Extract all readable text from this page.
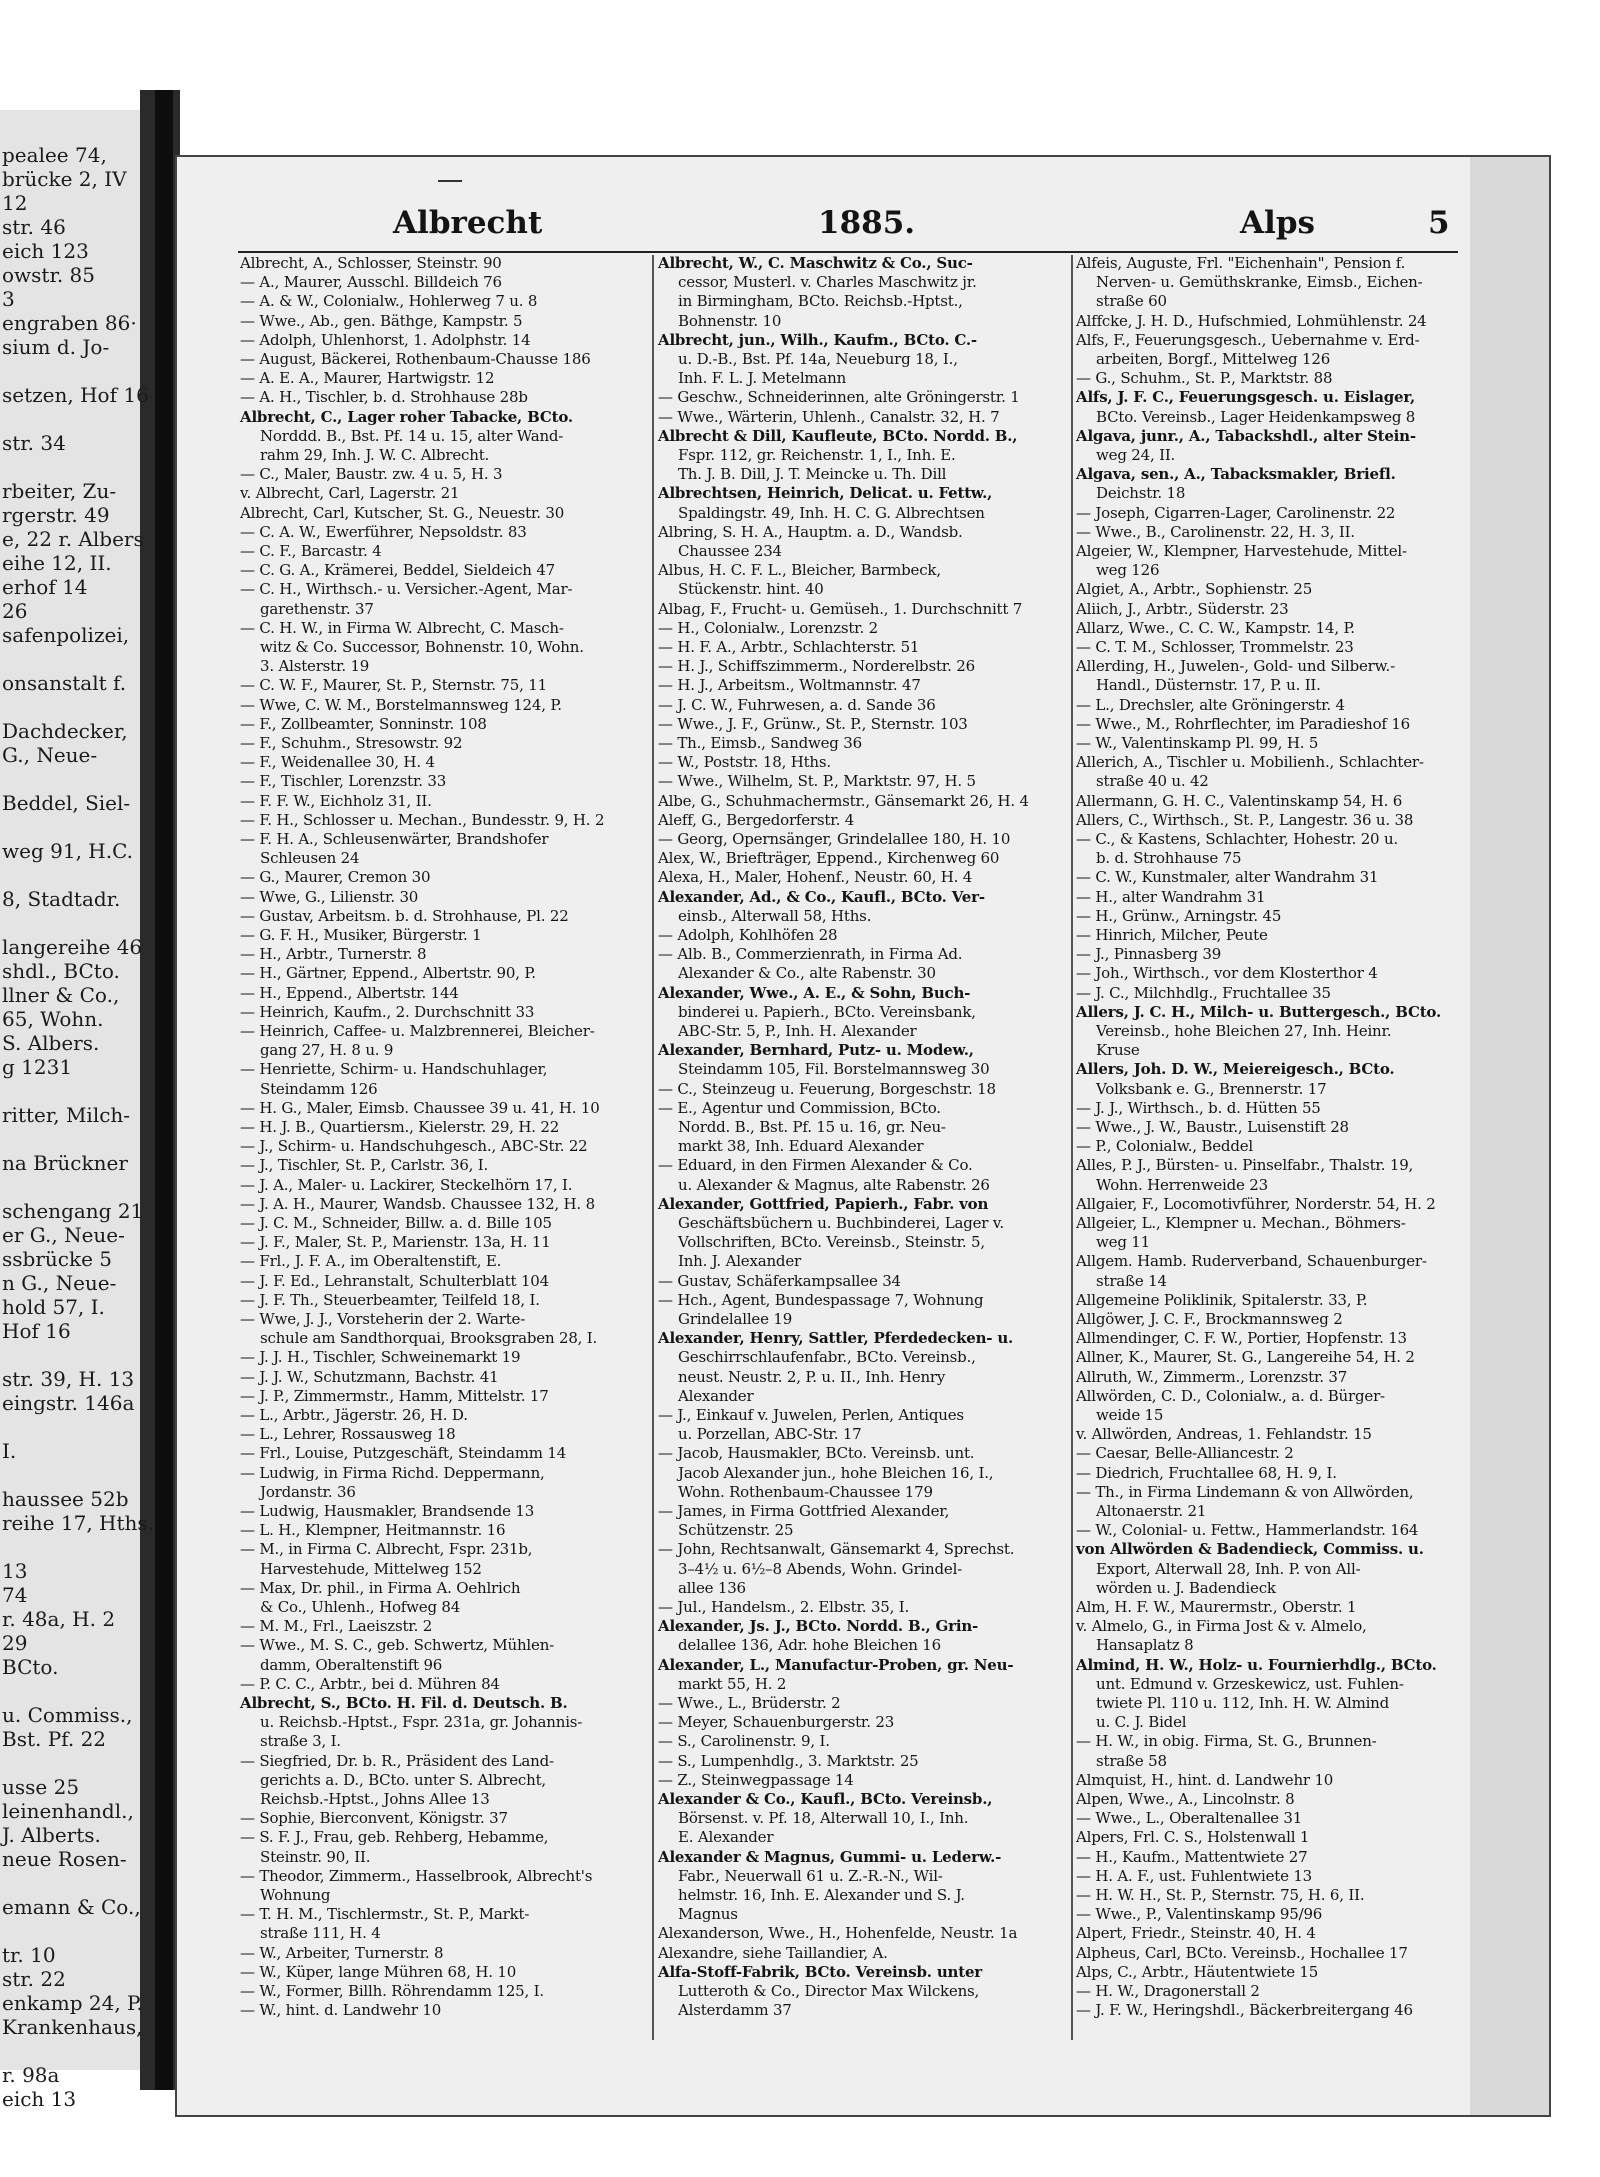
pealee 74,
brücke 2, IV
12
str. 46
eich 123
owstr. 85
3
engraben 86·
sium d. Jo-
setzen, Hof 16
str. 34
rbeiter, Zu-
rgerstr. 49
e, 22 r. Albers
eihe 12, II.
erhof 14
26
safenpolizei,
onsanstalt f.
Dachdecker,
G., Neue-
Beddel, Siel-
weg 91, H.C.
8, Stadtadr.
langereihe 46
shdl., BCto.
llner & Co.,
65, Wohn.
S. Albers.
g 1231
ritter, Milch-
na Brückner
schengang 21
er G., Neue-
ssbrücke 5
n G., Neue-
hold 57, I.
Hof 16
str. 39, H. 13
eingstr. 146a
I.
haussee 52b
reihe 17, Hths.
13
74
r. 48a, H. 2
29
BCto.
u. Commiss.,
Bst. Pf. 22
usse 25
leinenhandl.,
J. Alberts.
neue Rosen-
emann & Co.,
tr. 10
str. 22
enkamp 24, P.
Krankenhaus,
r. 98a
eich 13
Albrecht	1885.	Alps	5
Albrecht, A., Schlosser, Steinstr. 90
— A., Maurer, Ausschl. Billdeich 76
— A. & W., Colonialw., Hohlerweg 7 u. 8
— Wwe., Ab., gen. Bäthge, Kampstr. 5
— Adolph, Uhlenhorst, 1. Adolphstr. 14
— August, Bäckerei, Rothenbaum-Chausse 186
— A. E. A., Maurer, Hartwigstr. 12
— A. H., Tischler, b. d. Strohhause 28b
Albrecht, C., Lager roher Tabacke, BCto.
Norddd. B., Bst. Pf. 14 u. 15, alter Wand-
rahm 29, Inh. J. W. C. Albrecht.
— C., Maler, Baustr. zw. 4 u. 5, H. 3
v. Albrecht, Carl, Lagerstr. 21
Albrecht, Carl, Kutscher, St. G., Neuestr. 30
— C. A. W., Ewerführer, Nepsoldstr. 83
— C. F., Barcastr. 4
— C. G. A., Krämerei, Beddel, Sieldeich 47
— C. H., Wirthsch.- u. Versicher.-Agent, Mar-
garethenstr. 37
— C. H. W., in Firma W. Albrecht, C. Masch-
witz & Co. Successor, Bohnenstr. 10, Wohn.
3. Alsterstr. 19
— C. W. F., Maurer, St. P., Sternstr. 75, 11
— Wwe, C. W. M., Borstelmannsweg 124, P.
— F., Zollbeamter, Sonninstr. 108
— F., Schuhm., Stresowstr. 92
— F., Weidenallee 30, H. 4
— F., Tischler, Lorenzstr. 33
— F. F. W., Eichholz 31, II.
— F. H., Schlosser u. Mechan., Bundesstr. 9, H. 2
— F. H. A., Schleusenwärter, Brandshofer
Schleusen 24
— G., Maurer, Cremon 30
— Wwe, G., Lilienstr. 30
— Gustav, Arbeitsm. b. d. Strohhause, Pl. 22
— G. F. H., Musiker, Bürgerstr. 1
— H., Arbtr., Turnerstr. 8
— H., Gärtner, Eppend., Albertstr. 90, P.
— H., Eppend., Albertstr. 144
— Heinrich, Kaufm., 2. Durchschnitt 33
— Heinrich, Caffee- u. Malzbrennerei, Bleicher-
gang 27, H. 8 u. 9
— Henriette, Schirm- u. Handschuhlager,
Steindamm 126
— H. G., Maler, Eimsb. Chaussee 39 u. 41, H. 10
— H. J. B., Quartiersm., Kielerstr. 29, H. 22
— J., Schirm- u. Handschuhgesch., ABC-Str. 22
— J., Tischler, St. P., Carlstr. 36, I.
— J. A., Maler- u. Lackirer, Steckelhörn 17, I.
— J. A. H., Maurer, Wandsb. Chaussee 132, H. 8
— J. C. M., Schneider, Billw. a. d. Bille 105
— J. F., Maler, St. P., Marienstr. 13a, H. 11
— Frl., J. F. A., im Oberaltenstift, E.
— J. F. Ed., Lehranstalt, Schulterblatt 104
— J. F. Th., Steuerbeamter, Teilfeld 18, I.
— Wwe, J. J., Vorsteherin der 2. Warte-
schule am Sandthorquai, Brooksgraben 28, I.
— J. J. H., Tischler, Schweinemarkt 19
— J. J. W., Schutzmann, Bachstr. 41
— J. P., Zimmermstr., Hamm, Mittelstr. 17
— L., Arbtr., Jägerstr. 26, H. D.
— L., Lehrer, Rossausweg 18
— Frl., Louise, Putzgeschäft, Steindamm 14
— Ludwig, in Firma Richd. Deppermann,
Jordanstr. 36
— Ludwig, Hausmakler, Brandsende 13
— L. H., Klempner, Heitmannstr. 16
— M., in Firma C. Albrecht, Fspr. 231b,
Harvestehude, Mittelweg 152
— Max, Dr. phil., in Firma A. Oehlrich
& Co., Uhlenh., Hofweg 84
— M. M., Frl., Laeiszstr. 2
— Wwe., M. S. C., geb. Schwertz, Mühlen-
damm, Oberaltenstift 96
— P. C. C., Arbtr., bei d. Mühren 84
Albrecht, S., BCto. H. Fil. d. Deutsch. B.
u. Reichsb.-Hptst., Fspr. 231a, gr. Johannis-
straße 3, I.
— Siegfried, Dr. b. R., Präsident des Land-
gerichts a. D., BCto. unter S. Albrecht,
Reichsb.-Hptst., Johns Allee 13
— Sophie, Bierconvent, Königstr. 37
— S. F. J., Frau, geb. Rehberg, Hebamme,
Steinstr. 90, II.
— Theodor, Zimmerm., Hasselbrook, Albrecht's
Wohnung
— T. H. M., Tischlermstr., St. P., Markt-
straße 111, H. 4
— W., Arbeiter, Turnerstr. 8
— W., Küper, lange Mühren 68, H. 10
— W., Former, Billh. Röhrendamm 125, I.
— W., hint. d. Landwehr 10
Albrecht, W., C. Maschwitz & Co., Suc-
cessor, Musterl. v. Charles Maschwitz jr.
in Birmingham, BCto. Reichsb.-Hptst.,
Bohnenstr. 10
Albrecht, jun., Wilh., Kaufm., BCto. C.-
u. D.-B., Bst. Pf. 14a, Neueburg 18, I.,
Inh. F. L. J. Metelmann
— Geschw., Schneiderinnen, alte Gröningerstr. 1
— Wwe., Wärterin, Uhlenh., Canalstr. 32, H. 7
Albrecht & Dill, Kaufleute, BCto. Nordd. B.,
Fspr. 112, gr. Reichenstr. 1, I., Inh. E.
Th. J. B. Dill, J. T. Meincke u. Th. Dill
Albrechtsen, Heinrich, Delicat. u. Fettw.,
Spaldingstr. 49, Inh. H. C. G. Albrechtsen
Albring, S. H. A., Hauptm. a. D., Wandsb.
Chaussee 234
Albus, H. C. F. L., Bleicher, Barmbeck,
Stückenstr. hint. 40
Albag, F., Frucht- u. Gemüseh., 1. Durchschnitt 7
— H., Colonialw., Lorenzstr. 2
— H. F. A., Arbtr., Schlachterstr. 51
— H. J., Schiffszimmerm., Norderelbstr. 26
— H. J., Arbeitsm., Woltmannstr. 47
— J. C. W., Fuhrwesen, a. d. Sande 36
— Wwe., J. F., Grünw., St. P., Sternstr. 103
— Th., Eimsb., Sandweg 36
— W., Poststr. 18, Hths.
— Wwe., Wilhelm, St. P., Marktstr. 97, H. 5
Albe, G., Schuhmachermstr., Gänsemarkt 26, H. 4
Aleff, G., Bergedorferstr. 4
— Georg, Opernsänger, Grindelallee 180, H. 10
Alex, W., Briefträger, Eppend., Kirchenweg 60
Alexa, H., Maler, Hohenf., Neustr. 60, H. 4
Alexander, Ad., & Co., Kaufl., BCto. Ver-
einsb., Alterwall 58, Hths.
— Adolph, Kohlhöfen 28
— Alb. B., Commerzienrath, in Firma Ad.
Alexander & Co., alte Rabenstr. 30
Alexander, Wwe., A. E., & Sohn, Buch-
binderei u. Papierh., BCto. Vereinsbank,
ABC-Str. 5, P., Inh. H. Alexander
Alexander, Bernhard, Putz- u. Modew.,
Steindamm 105, Fil. Borstelmannsweg 30
— C., Steinzeug u. Feuerung, Borgeschstr. 18
— E., Agentur und Commission, BCto.
Nordd. B., Bst. Pf. 15 u. 16, gr. Neu-
markt 38, Inh. Eduard Alexander
— Eduard, in den Firmen Alexander & Co.
u. Alexander & Magnus, alte Rabenstr. 26
Alexander, Gottfried, Papierh., Fabr. von
Geschäftsbüchern u. Buchbinderei, Lager v.
Vollschriften, BCto. Vereinsb., Steinstr. 5,
Inh. J. Alexander
— Gustav, Schäferkampsallee 34
— Hch., Agent, Bundespassage 7, Wohnung
Grindelallee 19
Alexander, Henry, Sattler, Pferdedecken- u.
Geschirrschlaufenfabr., BCto. Vereinsb.,
neust. Neustr. 2, P. u. II., Inh. Henry
Alexander
— J., Einkauf v. Juwelen, Perlen, Antiques
u. Porzellan, ABC-Str. 17
— Jacob, Hausmakler, BCto. Vereinsb. unt.
Jacob Alexander jun., hohe Bleichen 16, I.,
Wohn. Rothenbaum-Chaussee 179
— James, in Firma Gottfried Alexander,
Schützenstr. 25
— John, Rechtsanwalt, Gänsemarkt 4, Sprechst.
3–4½ u. 6½–8 Abends, Wohn. Grindel-
allee 136
— Jul., Handelsm., 2. Elbstr. 35, I.
Alexander, Js. J., BCto. Nordd. B., Grin-
delallee 136, Adr. hohe Bleichen 16
Alexander, L., Manufactur-Proben, gr. Neu-
markt 55, H. 2
— Wwe., L., Brüderstr. 2
— Meyer, Schauenburgerstr. 23
— S., Carolinenstr. 9, I.
— S., Lumpenhdlg., 3. Marktstr. 25
— Z., Steinwegpassage 14
Alexander & Co., Kaufl., BCto. Vereinsb.,
Börsenst. v. Pf. 18, Alterwall 10, I., Inh.
E. Alexander
Alexander & Magnus, Gummi- u. Lederw.-
Fabr., Neuerwall 61 u. Z.-R.-N., Wil-
helmstr. 16, Inh. E. Alexander und S. J.
Magnus
Alexanderson, Wwe., H., Hohenfelde, Neustr. 1a
Alexandre, siehe Taillandier, A.
Alfa-Stoff-Fabrik, BCto. Vereinsb. unter
Lutteroth & Co., Director Max Wilckens,
Alsterdamm 37
Alfeis, Auguste, Frl. "Eichenhain", Pension f.
Nerven- u. Gemüthskranke, Eimsb., Eichen-
straße 60
Alffcke, J. H. D., Hufschmied, Lohmühlenstr. 24
Alfs, F., Feuerungsgesch., Uebernahme v. Erd-
arbeiten, Borgf., Mittelweg 126
— G., Schuhm., St. P., Marktstr. 88
Alfs, J. F. C., Feuerungsgesch. u. Eislager,
BCto. Vereinsb., Lager Heidenkampsweg 8
Algava, junr., A., Tabackshdl., alter Stein-
weg 24, II.
Algava, sen., A., Tabacksmakler, Briefl.
Deichstr. 18
— Joseph, Cigarren-Lager, Carolinenstr. 22
— Wwe., B., Carolinenstr. 22, H. 3, II.
Algeier, W., Klempner, Harvestehude, Mittel-
weg 126
Algiet, A., Arbtr., Sophienstr. 25
Aliich, J., Arbtr., Süderstr. 23
Allarz, Wwe., C. C. W., Kampstr. 14, P.
— C. T. M., Schlosser, Trommelstr. 23
Allerding, H., Juwelen-, Gold- und Silberw.-
Handl., Düsternstr. 17, P. u. II.
— L., Drechsler, alte Gröningerstr. 4
— Wwe., M., Rohrflechter, im Paradieshof 16
— W., Valentinskamp Pl. 99, H. 5
Allerich, A., Tischler u. Mobilienh., Schlachter-
straße 40 u. 42
Allermann, G. H. C., Valentinskamp 54, H. 6
Allers, C., Wirthsch., St. P., Langestr. 36 u. 38
— C., & Kastens, Schlachter, Hohestr. 20 u.
b. d. Strohhause 75
— C. W., Kunstmaler, alter Wandrahm 31
— H., alter Wandrahm 31
— H., Grünw., Arningstr. 45
— Hinrich, Milcher, Peute
— J., Pinnasberg 39
— Joh., Wirthsch., vor dem Klosterthor 4
— J. C., Milchhdlg., Fruchtallee 35
Allers, J. C. H., Milch- u. Buttergesch., BCto.
Vereinsb., hohe Bleichen 27, Inh. Heinr.
Kruse
Allers, Joh. D. W., Meiereigesch., BCto.
Volksbank e. G., Brennerstr. 17
— J. J., Wirthsch., b. d. Hütten 55
— Wwe., J. W., Baustr., Luisenstift 28
— P., Colonialw., Beddel
Alles, P. J., Bürsten- u. Pinselfabr., Thalstr. 19,
Wohn. Herrenweide 23
Allgaier, F., Locomotivführer, Norderstr. 54, H. 2
Allgeier, L., Klempner u. Mechan., Böhmers-
weg 11
Allgem. Hamb. Ruderverband, Schauenburger-
straße 14
Allgemeine Poliklinik, Spitalerstr. 33, P.
Allgöwer, J. C. F., Brockmannsweg 2
Allmendinger, C. F. W., Portier, Hopfenstr. 13
Allner, K., Maurer, St. G., Langereihe 54, H. 2
Allruth, W., Zimmerm., Lorenzstr. 37
Allwörden, C. D., Colonialw., a. d. Bürger-
weide 15
v. Allwörden, Andreas, 1. Fehlandstr. 15
— Caesar, Belle-Alliancestr. 2
— Diedrich, Fruchtallee 68, H. 9, I.
— Th., in Firma Lindemann & von Allwörden,
Altonaerstr. 21
— W., Colonial- u. Fettw., Hammerlandstr. 164
von Allwörden & Badendieck, Commiss. u.
Export, Alterwall 28, Inh. P. von All-
wörden u. J. Badendieck
Alm, H. F. W., Maurermstr., Oberstr. 1
v. Almelo, G., in Firma Jost & v. Almelo,
Hansaplatz 8
Almind, H. W., Holz- u. Fournierhdlg., BCto.
unt. Edmund v. Grzeskewicz, ust. Fuhlen-
twiete Pl. 110 u. 112, Inh. H. W. Almind
u. C. J. Bidel
— H. W., in obig. Firma, St. G., Brunnen-
straße 58
Almquist, H., hint. d. Landwehr 10
Alpen, Wwe., A., Lincolnstr. 8
— Wwe., L., Oberaltenallee 31
Alpers, Frl. C. S., Holstenwall 1
— H., Kaufm., Mattentwiete 27
— H. A. F., ust. Fuhlentwiete 13
— H. W. H., St. P., Sternstr. 75, H. 6, II.
— Wwe., P., Valentinskamp 95/96
Alpert, Friedr., Steinstr. 40, H. 4
Alpheus, Carl, BCto. Vereinsb., Hochallee 17
Alps, C., Arbtr., Häutentwiete 15
— H. W., Dragonerstall 2
— J. F. W., Heringshdl., Bäckerbreitergang 46
